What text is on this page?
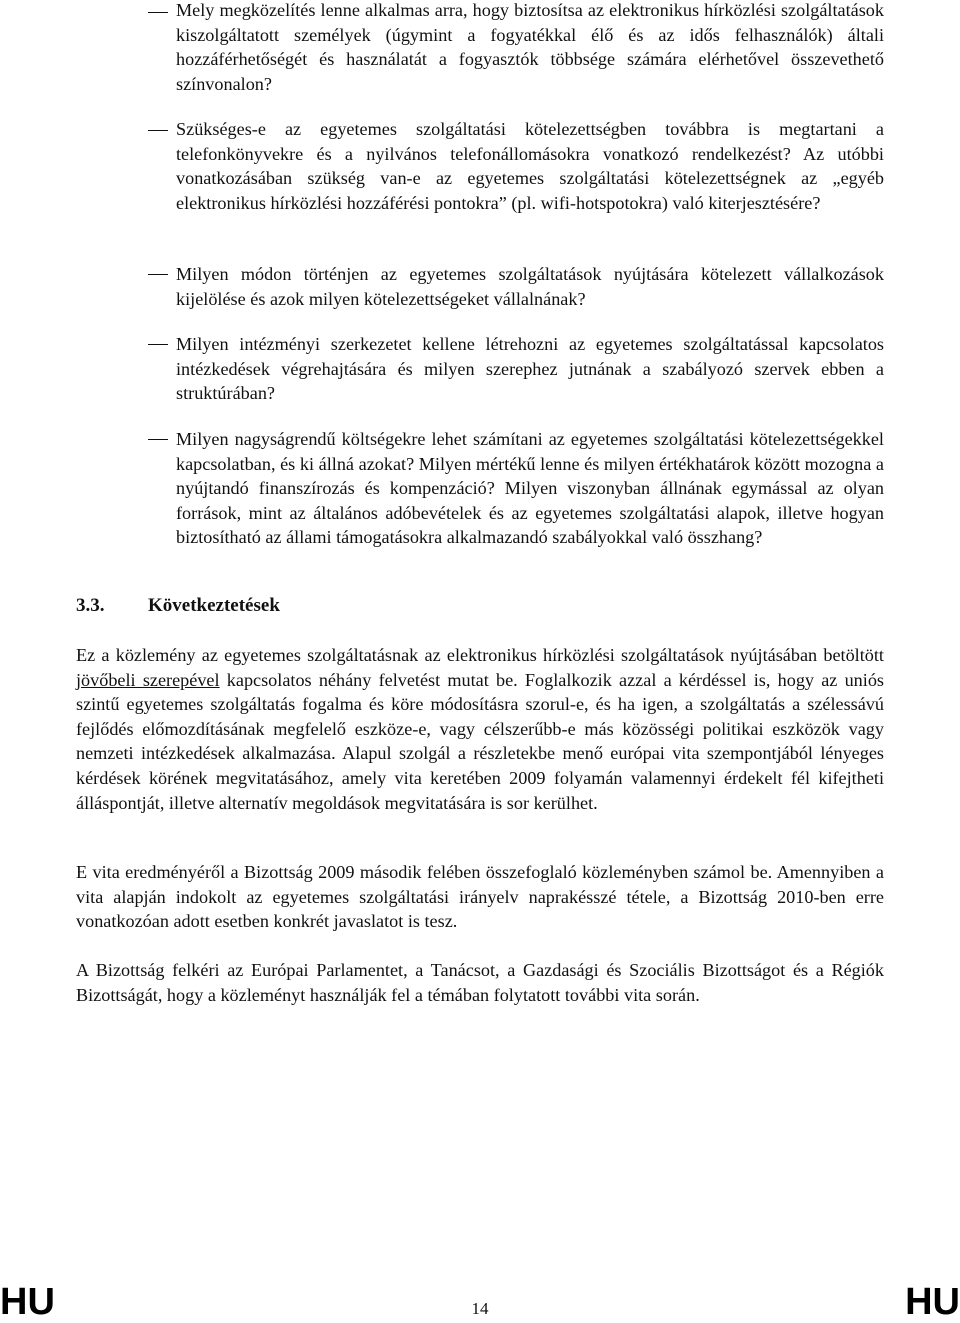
Mely megközelítés lenne alkalmas arra, hogy biztosítsa az elektronikus hírközlési szolgáltatások kiszolgáltatott személyek (úgymint a fogyatékkal élő és az idős felhasználók) általi hozzáférhetőségét és használatát a fogyasztók többsége számára elérhetővel összevethető színvonalon?

Szükséges-e az egyetemes szolgáltatási kötelezettségben továbbra is megtartani a telefonkönyvekre és a nyilvános telefonállomásokra vonatkozó rendelkezést? Az utóbbi vonatkozásában szükség van-e az egyetemes szolgáltatási kötelezettségnek az „egyéb elektronikus hírközlési hozzáférési pontokra” (pl. wifi-hotspotokra) való kiterjesztésére?

Milyen módon történjen az egyetemes szolgáltatások nyújtására kötelezett vállalkozások kijelölése és azok milyen kötelezettségeket vállalnának?

Milyen intézményi szerkezetet kellene létrehozni az egyetemes szolgáltatással kapcsolatos intézkedések végrehajtására és milyen szerephez jutnának a szabályozó szervek ebben a struktúrában?

Milyen nagyságrendű költségekre lehet számítani az egyetemes szolgáltatási kötelezettségekkel kapcsolatban, és ki állná azokat? Milyen mértékű lenne és milyen értékhatárok között mozogna a nyújtandó finanszírozás és kompenzáció? Milyen viszonyban állnának egymással az olyan források, mint az általános adóbevételek és az egyetemes szolgáltatási alapok, illetve hogyan biztosítható az állami támogatásokra alkalmazandó szabályokkal való összhang?

3.3. Következtetések

Ez a közlemény az egyetemes szolgáltatásnak az elektronikus hírközlési szolgáltatások nyújtásában betöltött jövőbeli szerepével kapcsolatos néhány felvetést mutat be. Foglalkozik azzal a kérdéssel is, hogy az uniós szintű egyetemes szolgáltatás fogalma és köre módosításra szorul-e, és ha igen, a szolgáltatás a szélessávú fejlődés előmozdításának megfelelő eszköze-e, vagy célszerűbb-e más közösségi politikai eszközök vagy nemzeti intézkedések alkalmazása. Alapul szolgál a részletekbe menő európai vita szempontjából lényeges kérdések körének megvitatásához, amely vita keretében 2009 folyamán valamennyi érdekelt fél kifejtheti álláspontját, illetve alternatív megoldások megvitatására is sor kerülhet.

E vita eredményéről a Bizottság 2009 második felében összefoglaló közleményben számol be. Amennyiben a vita alapján indokolt az egyetemes szolgáltatási irányelv naprakésszé tétele, a Bizottság 2010-ben erre vonatkozóan adott esetben konkrét javaslatot is tesz.

A Bizottság felkéri az Európai Parlamentet, a Tanácsot, a Gazdasági és Szociális Bizottságot és a Régiók Bizottságát, hogy a közleményt használják fel a témában folytatott további vita során.

HU	14	HU
